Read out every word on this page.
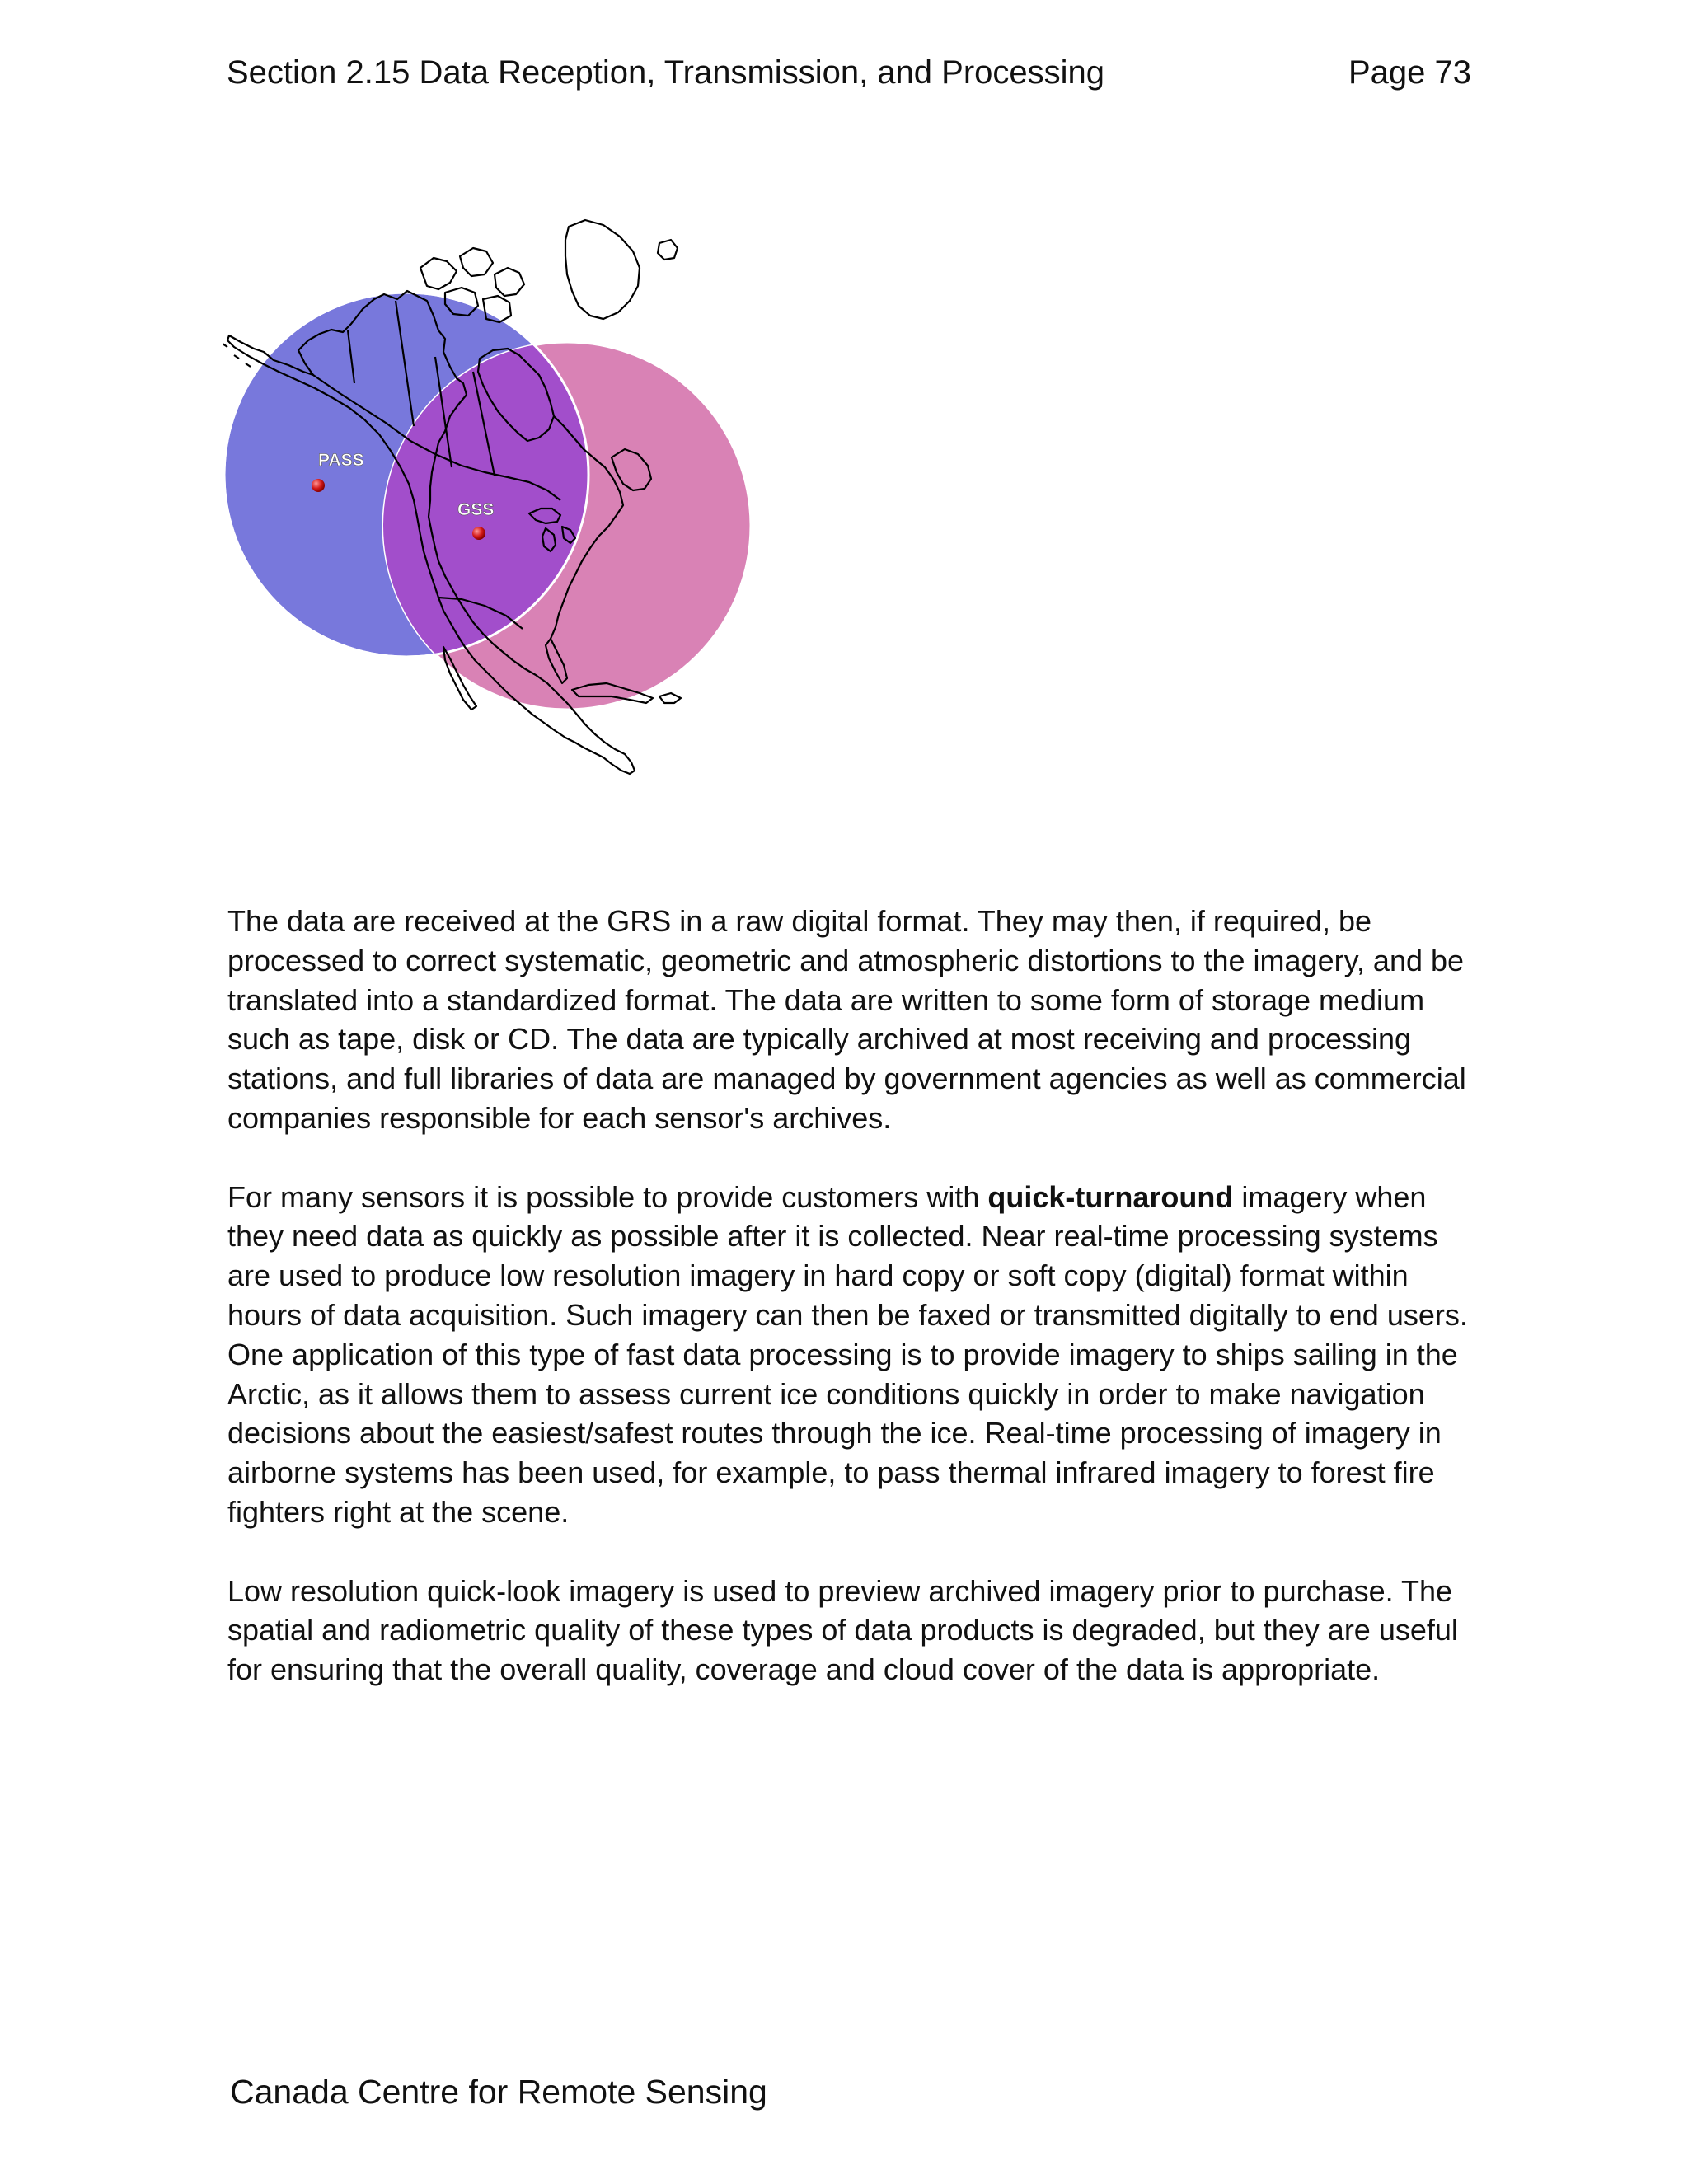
Section 2.15 Data Reception, Transmission, and Processing	Page 73
PASS
GSS

The data are received at the GRS in a raw digital format. They may then, if required, be processed to correct systematic, geometric and atmospheric distortions to the imagery, and be translated into a standardized format. The data are written to some form of storage medium such as tape, disk or CD. The data are typically archived at most receiving and processing stations, and full libraries of data are managed by government agencies as well as commercial companies responsible for each sensor's archives.

For many sensors it is possible to provide customers with quick-turnaround imagery when they need data as quickly as possible after it is collected. Near real-time processing systems are used to produce low resolution imagery in hard copy or soft copy (digital) format within hours of data acquisition. Such imagery can then be faxed or transmitted digitally to end users. One application of this type of fast data processing is to provide imagery to ships sailing in the Arctic, as it allows them to assess current ice conditions quickly in order to make navigation decisions about the easiest/safest routes through the ice. Real-time processing of imagery in airborne systems has been used, for example, to pass thermal infrared imagery to forest fire fighters right at the scene.

Low resolution quick-look imagery is used to preview archived imagery prior to purchase. The spatial and radiometric quality of these types of data products is degraded, but they are useful for ensuring that the overall quality, coverage and cloud cover of the data is appropriate.

Canada Centre for Remote Sensing
